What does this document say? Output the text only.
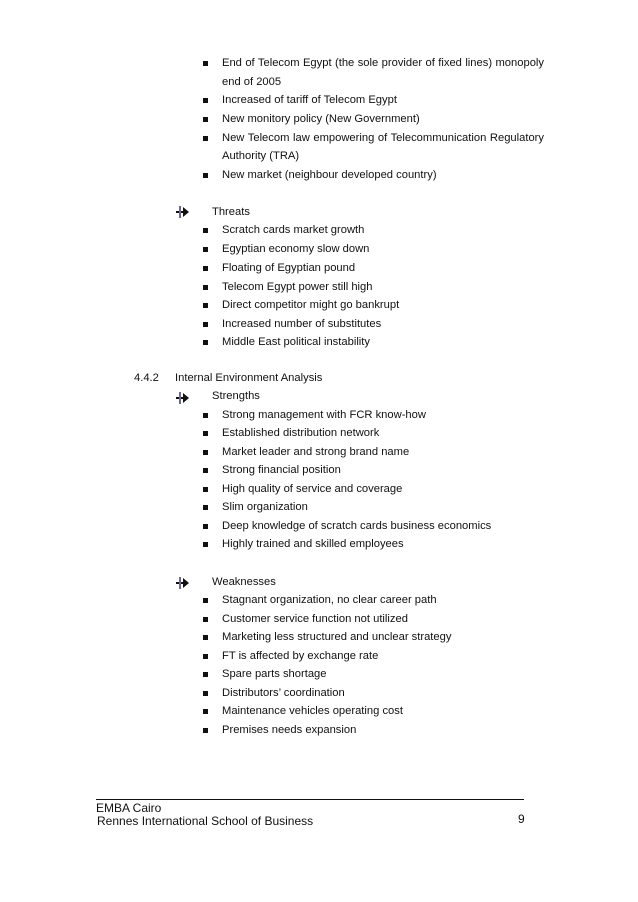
End of Telecom Egypt (the sole provider of fixed lines) monopoly
end of 2005
Increased of tariff of Telecom Egypt
New monitory policy (New Government)
New Telecom law empowering of Telecommunication Regulatory
Authority (TRA)
New market (neighbour developed country)
Threats
Scratch cards market growth
Egyptian economy slow down
Floating of Egyptian pound
Telecom Egypt power still high
Direct competitor might go bankrupt
Increased number of substitutes
Middle East political instability
4.4.2 Internal Environment Analysis
Strengths
Strong management with FCR know-how
Established distribution network
Market leader and strong brand name
Strong financial position
High quality of service and coverage
Slim organization
Deep knowledge of scratch cards business economics
Highly trained and skilled employees
Weaknesses
Stagnant organization, no clear career path
Customer service function not utilized
Marketing less structured and unclear strategy
FT is affected by exchange rate
Spare parts shortage
Distributors’ coordination
Maintenance vehicles operating cost
Premises needs expansion
EMBA Cairo
Rennes International School of Business	9
